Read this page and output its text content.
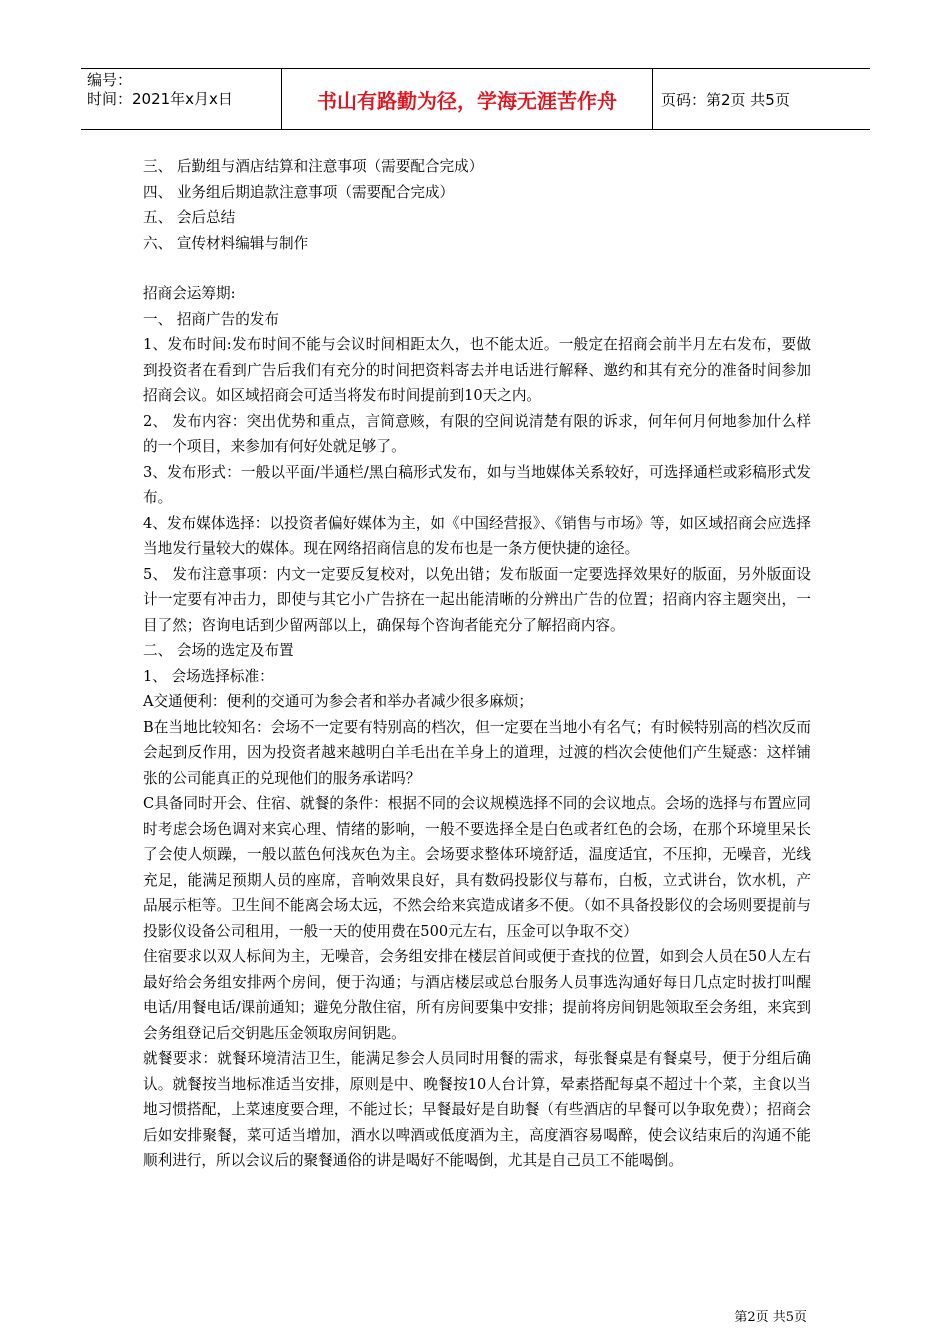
编号：
时间：2021年x月x日	书山有路勤为径，学海无涯苦作舟	页码：第2页 共5页

三、 后勤组与酒店结算和注意事项（需要配合完成）

四、 业务组后期追款注意事项（需要配合完成）

五、 会后总结

六、 宣传材料编辑与制作

招商会运筹期:

一、 招商广告的发布

1、发布时间:发布时间不能与会议时间相距太久，也不能太近。一般定在招商会前半月左右发布，要做到投资者在看到广告后我们有充分的时间把资料寄去并电话进行解释、邀约和其有充分的准备时间参加招商会议。如区域招商会可适当将发布时间提前到10天之内。

2、 发布内容：突出优势和重点，言简意赅，有限的空间说清楚有限的诉求，何年何月何地参加什么样的一个项目，来参加有何好处就足够了。

3、发布形式：一般以平面/半通栏/黑白稿形式发布，如与当地媒体关系较好，可选择通栏或彩稿形式发布。

4、发布媒体选择：以投资者偏好媒体为主，如《中国经营报》、《销售与市场》等，如区域招商会应选择当地发行量较大的媒体。现在网络招商信息的发布也是一条方便快捷的途径。

5、 发布注意事项：内文一定要反复校对，以免出错；发布版面一定要选择效果好的版面，另外版面设计一定要有冲击力，即使与其它小广告挤在一起出能清晰的分辨出广告的位置；招商内容主题突出，一目了然；咨询电话到少留两部以上，确保每个咨询者能充分了解招商内容。

二、 会场的选定及布置

1、 会场选择标准：

A交通便利：便利的交通可为参会者和举办者减少很多麻烦；

B在当地比较知名：会场不一定要有特别高的档次，但一定要在当地小有名气；有时候特别高的档次反而会起到反作用，因为投资者越来越明白羊毛出在羊身上的道理，过渡的档次会使他们产生疑惑：这样铺张的公司能真正的兑现他们的服务承诺吗？

C具备同时开会、住宿、就餐的条件：根据不同的会议规模选择不同的会议地点。会场的选择与布置应同时考虑会场色调对来宾心理、情绪的影响，一般不要选择全是白色或者红色的会场，在那个环境里呆长了会使人烦躁，一般以蓝色何浅灰色为主。会场要求整体环境舒适，温度适宜，不压抑，无噪音，光线充足，能满足预期人员的座席，音响效果良好，具有数码投影仪与幕布，白板，立式讲台，饮水机，产品展示柜等。卫生间不能离会场太远，不然会给来宾造成诸多不便。（如不具备投影仪的会场则要提前与投影仪设备公司租用，一般一天的使用费在500元左右，压金可以争取不交）

住宿要求以双人标间为主，无噪音，会务组安排在楼层首间或便于查找的位置，如到会人员在50人左右最好给会务组安排两个房间，便于沟通；与酒店楼层或总台服务人员事选沟通好每日几点定时拔打叫醒电话/用餐电话/课前通知；避免分散住宿，所有房间要集中安排；提前将房间钥匙领取至会务组，来宾到会务组登记后交钥匙压金领取房间钥匙。

就餐要求：就餐环境清洁卫生，能满足参会人员同时用餐的需求，每张餐桌是有餐桌号，便于分组后确认。就餐按当地标准适当安排，原则是中、晚餐按10人台计算，晕素搭配每桌不超过十个菜，主食以当地习惯搭配，上菜速度要合理，不能过长；早餐最好是自助餐（有些酒店的早餐可以争取免费）；招商会后如安排聚餐，菜可适当增加，酒水以啤酒或低度酒为主，高度酒容易喝醉，使会议结束后的沟通不能顺利进行，所以会议后的聚餐通俗的讲是喝好不能喝倒，尤其是自己员工不能喝倒。

第2页 共5页
